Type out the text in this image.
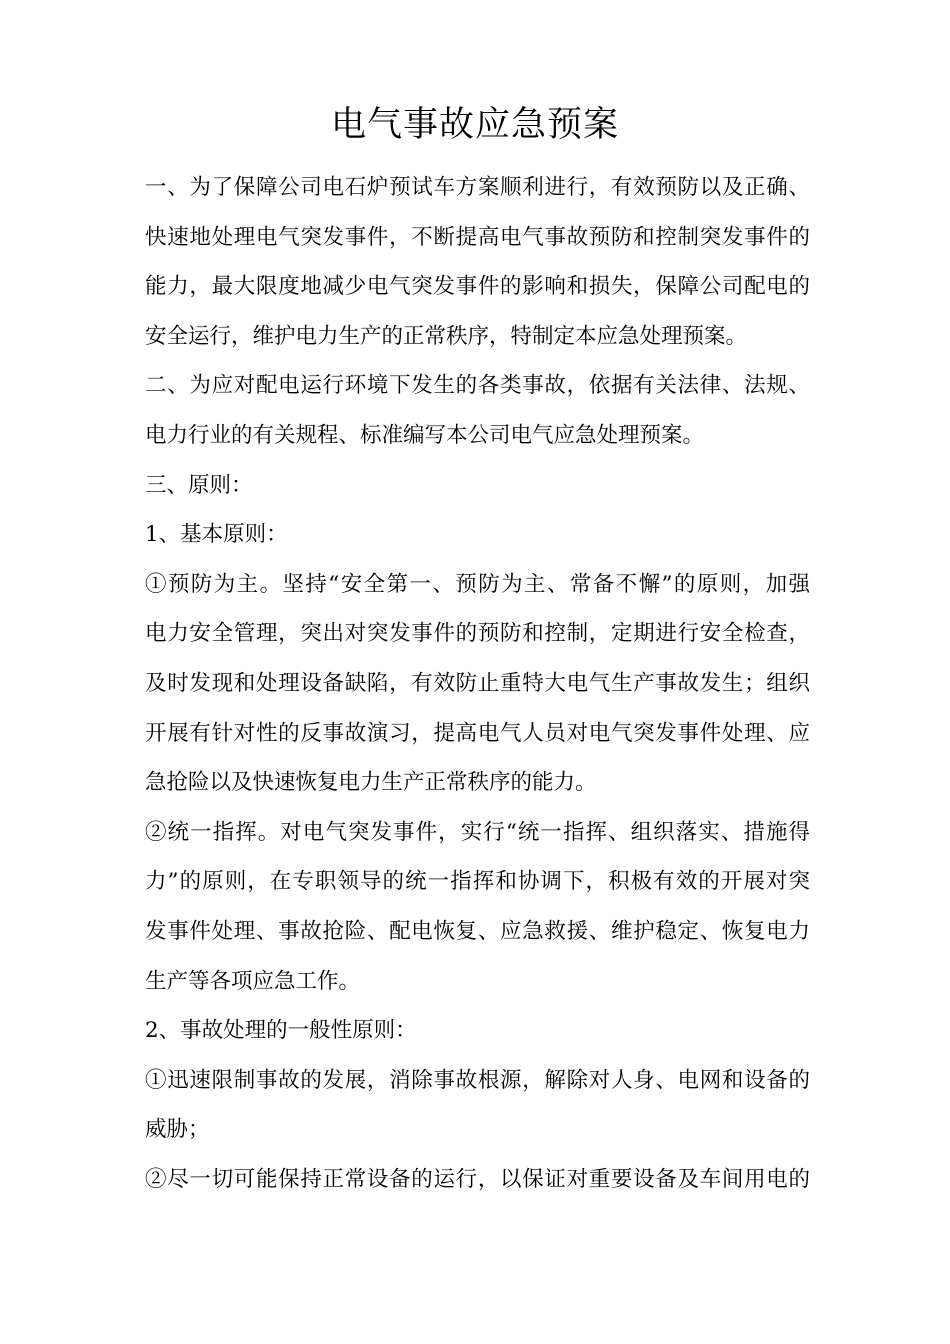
电气事故应急预案
一、为了保障公司电石炉预试车方案顺利进行，有效预防以及正确、
快速地处理电气突发事件，不断提高电气事故预防和控制突发事件的
能力，最大限度地减少电气突发事件的影响和损失，保障公司配电的
安全运行，维护电力生产的正常秩序，特制定本应急处理预案。
二、为应对配电运行环境下发生的各类事故，依据有关法律、法规、
电力行业的有关规程、标准编写本公司电气应急处理预案。
三、原则：
1、基本原则：
①预防为主。坚持“安全第一、预防为主、常备不懈”的原则，加强
电力安全管理，突出对突发事件的预防和控制，定期进行安全检查，
及时发现和处理设备缺陷，有效防止重特大电气生产事故发生；组织
开展有针对性的反事故演习，提高电气人员对电气突发事件处理、应
急抢险以及快速恢复电力生产正常秩序的能力。
②统一指挥。对电气突发事件，实行“统一指挥、组织落实、措施得
力”的原则，在专职领导的统一指挥和协调下，积极有效的开展对突
发事件处理、事故抢险、配电恢复、应急救援、维护稳定、恢复电力
生产等各项应急工作。
2、事故处理的一般性原则：
①迅速限制事故的发展，消除事故根源，解除对人身、电网和设备的
威胁；
②尽一切可能保持正常设备的运行，以保证对重要设备及车间用电的
